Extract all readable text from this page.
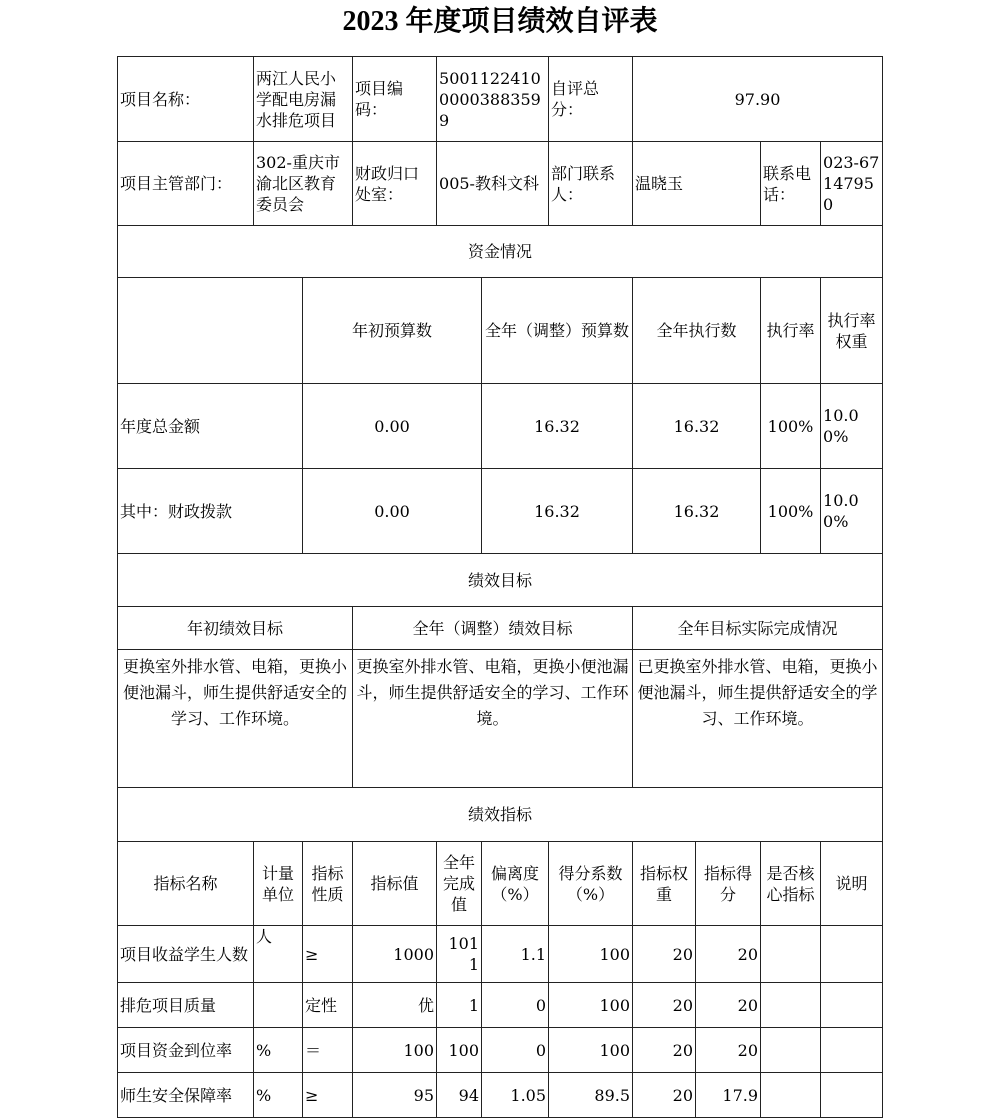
2023 年度项目绩效自评表
项目名称：	两江人民小学配电房漏水排危项目		项目编码：	500112241000003883599		自评总分：	97.90				
项目主管部门：	302-重庆市渝北区教育委员会		财政归口处室：	005-教科文科		部门联系人：	温晓玉		联系电话：	023-67147950	
资金情况											
		年初预算数			全年（调整）预算数		全年执行数		执行率	执行率权重	
年度总金额		0.00			16.32		16.32		100%	10.00%	
其中：财政拨款		0.00			16.32		16.32		100%	10.00%	
绩效目标											
年初绩效目标			全年（调整）绩效目标				全年目标实际完成情况				
更换室外排水管、电箱，更换小便池漏斗，师生提供舒适安全的学习、工作环境。			更换室外排水管、电箱，更换小便池漏斗，师生提供舒适安全的学习、工作环境。				已更换室外排水管、电箱，更换小便池漏斗，师生提供舒适安全的学习、工作环境。				
绩效指标											
指标名称	计量单位	指标性质	指标值	全年完成值	偏离度（%）	得分系数（%）	指标权重	指标得分	是否核心指标	说明	
项目收益学生人数	人	≥	1000	1011	1.1	100	20	20			
排危项目质量		定性	优	1	0	100	20	20			
项目资金到位率	%	＝	100	100	0	100	20	20			
师生安全保障率	%	≥	95	94	1.05	89.5	20	17.9			
